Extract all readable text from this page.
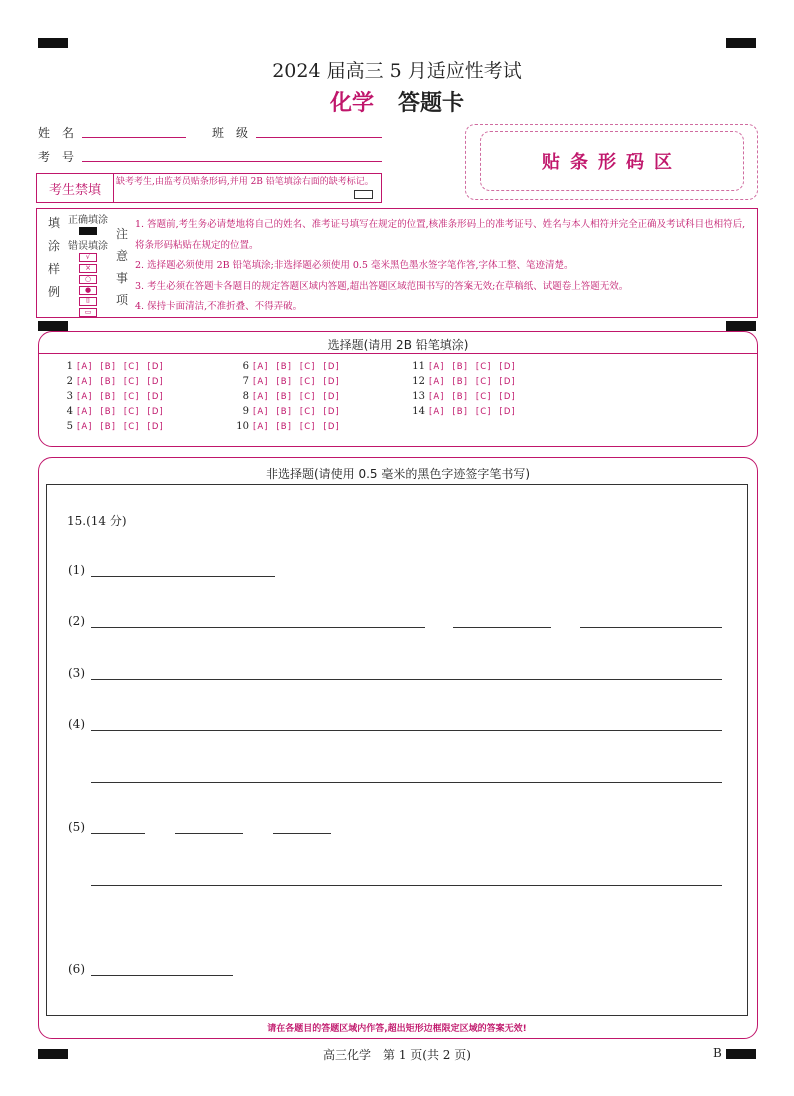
2024 届高三 5 月适应性考试
化学 答题卡
姓　名	班　级
考　号	贴条形码区
考生禁填
缺考考生,由监考员贴条形码,并用 2B 铅笔填涂右面的缺考标记。
填
涂
样
例
正确填涂
错误填涂
√
×
○
●
⌷
▭
注
意
事
项
1. 答题前,考生务必请楚地将自己的姓名、准考证号填写在规定的位置,核准条形码上的准考证号、姓名与本人相符并完全正确及考试科目也相符后,将条形码粘贴在规定的位置。
2. 选择题必须使用 2B 铅笔填涂;非选择题必须使用 0.5 毫米黑色墨水签字笔作答,字体工整、笔迹清楚。
3. 考生必须在答题卡各题目的规定答题区域内答题,超出答题区域范围书写的答案无效;在草稿纸、试题卷上答题无效。
4. 保持卡面清洁,不准折叠、不得弄破。
选择题(请用 2B 铅笔填涂)
1 [A] [B] [C] [D]
2 [A] [B] [C] [D]
3 [A] [B] [C] [D]
4 [A] [B] [C] [D]
5 [A] [B] [C] [D]
6 [A] [B] [C] [D]
7 [A] [B] [C] [D]
8 [A] [B] [C] [D]
9 [A] [B] [C] [D]
10 [A] [B] [C] [D]
11 [A] [B] [C] [D]
12 [A] [B] [C] [D]
13 [A] [B] [C] [D]
14 [A] [B] [C] [D]
非选择题(请使用 0.5 毫米的黑色字迹签字笔书写)
15.(14 分)
(1)
(2)
(3)
(4)
(5)
(6)
请在各题目的答题区域内作答,超出矩形边框限定区域的答案无效!
高三化学　第 1 页(共 2 页)	B
